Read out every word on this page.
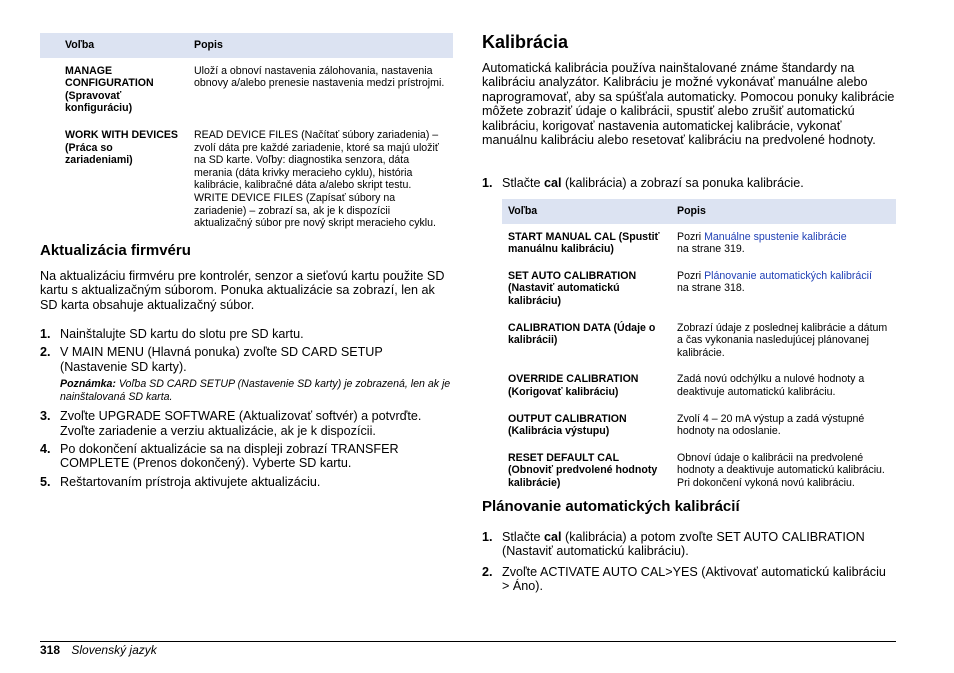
Voľba	Popis
MANAGE CONFIGURATION (Spravovať konfiguráciu)	Uloží a obnoví nastavenia zálohovania, nastavenia obnovy a/alebo prenesie nastavenia medzi prístrojmi.
WORK WITH DEVICES (Práca so zariadeniami)	READ DEVICE FILES (Načítať súbory zariadenia) – zvolí dáta pre každé zariadenie, ktoré sa majú uložiť na SD karte. Voľby: diagnostika senzora, dáta merania (dáta krivky meracieho cyklu), história kalibrácie, kalibračné dáta a/alebo skript testu. WRITE DEVICE FILES (Zapísať súbory na zariadenie) – zobrazí sa, ak je k dispozícii aktualizačný súbor pre nový skript meracieho cyklu.
Aktualizácia firmvéru

Na aktualizáciu firmvéru pre kontrolér, senzor a sieťovú kartu použite SD kartu s aktualizačným súborom. Ponuka aktualizácie sa zobrazí, len ak SD karta obsahuje aktualizačný súbor.

1. Nainštalujte SD kartu do slotu pre SD kartu.
2. V MAIN MENU (Hlavná ponuka) zvoľte SD CARD SETUP (Nastavenie SD karty).
Poznámka: Voľba SD CARD SETUP (Nastavenie SD karty) je zobrazená, len ak je nainštalovaná SD karta.
3. Zvoľte UPGRADE SOFTWARE (Aktualizovať softvér) a potvrďte. Zvoľte zariadenie a verziu aktualizácie, ak je k dispozícii.
4. Po dokončení aktualizácie sa na displeji zobrazí TRANSFER COMPLETE (Prenos dokončený). Vyberte SD kartu.
5. Reštartovaním prístroja aktivujete aktualizáciu.
Kalibrácia

Automatická kalibrácia používa nainštalované známe štandardy na kalibráciu analyzátor. Kalibráciu je možné vykonávať manuálne alebo naprogramovať, aby sa spúšťala automaticky. Pomocou ponuky kalibrácie môžete zobraziť údaje o kalibrácii, spustiť alebo zrušiť automatickú kalibráciu, korigovať nastavenia automatickej kalibrácie, vykonať manuálnu kalibráciu alebo resetovať kalibráciu na predvolené hodnoty.

1. Stlačte cal (kalibrácia) a zobrazí sa ponuka kalibrácie.
Voľba	Popis
START MANUAL CAL (Spustiť manuálnu kalibráciu)	Pozri Manuálne spustenie kalibrácie
na strane 319.
SET AUTO CALIBRATION (Nastaviť automatickú kalibráciu)	Pozri Plánovanie automatických kalibrácií
na strane 318.
CALIBRATION DATA (Údaje o kalibrácii)	Zobrazí údaje z poslednej kalibrácie a dátum a čas vykonania nasledujúcej plánovanej kalibrácie.
OVERRIDE CALIBRATION (Korigovať kalibráciu)	Zadá novú odchýlku a nulové hodnoty a deaktivuje automatickú kalibráciu.
OUTPUT CALIBRATION (Kalibrácia výstupu)	Zvolí 4 – 20 mA výstup a zadá výstupné hodnoty na odoslanie.
RESET DEFAULT CAL (Obnoviť predvolené hodnoty kalibrácie)	Obnoví údaje o kalibrácii na predvolené hodnoty a deaktivuje automatickú kalibráciu. Pri dokončení vykoná novú kalibráciu.
Plánovanie automatických kalibrácií
1. Stlačte cal (kalibrácia) a potom zvoľte SET AUTO CALIBRATION (Nastaviť automatickú kalibráciu).
2. Zvoľte ACTIVATE AUTO CAL>YES (Aktivovať automatickú kalibráciu > Áno).
318 Slovenský jazyk
